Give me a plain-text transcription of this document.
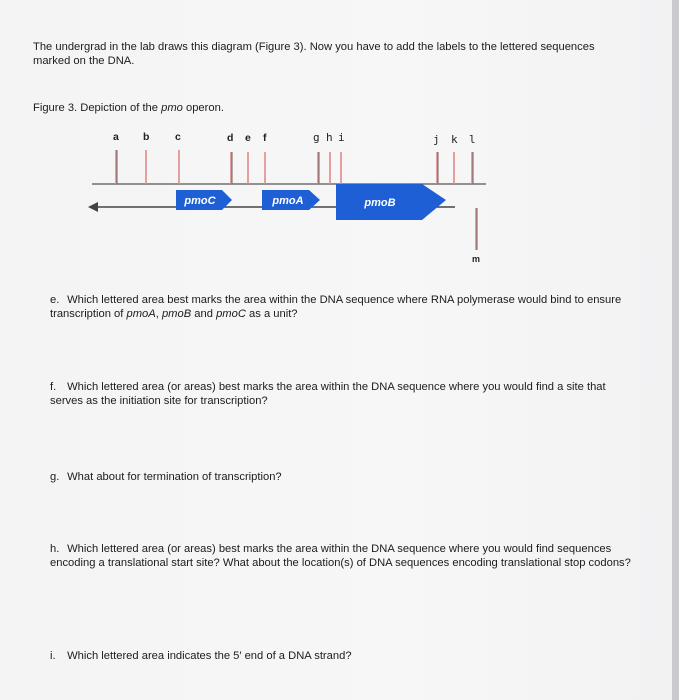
The undergrad in the lab draws this diagram (Figure 3). Now you have to add the labels to the lettered sequences marked on the DNA.

Figure 3. Depiction of the pmo operon.

pmoC	pmoA	pmoB
a b c	d e f	g h i	j k l
m

e. Which lettered area best marks the area within the DNA sequence where RNA polymerase would bind to ensure transcription of pmoA, pmoB and pmoC as a unit?

f. Which lettered area (or areas) best marks the area within the DNA sequence where you would find a site that serves as the initiation site for transcription?

g. What about for termination of transcription?

h. Which lettered area (or areas) best marks the area within the DNA sequence where you would find sequences encoding a translational start site? What about the location(s) of DNA sequences encoding translational stop codons?

i. Which lettered area indicates the 5′ end of a DNA strand?
